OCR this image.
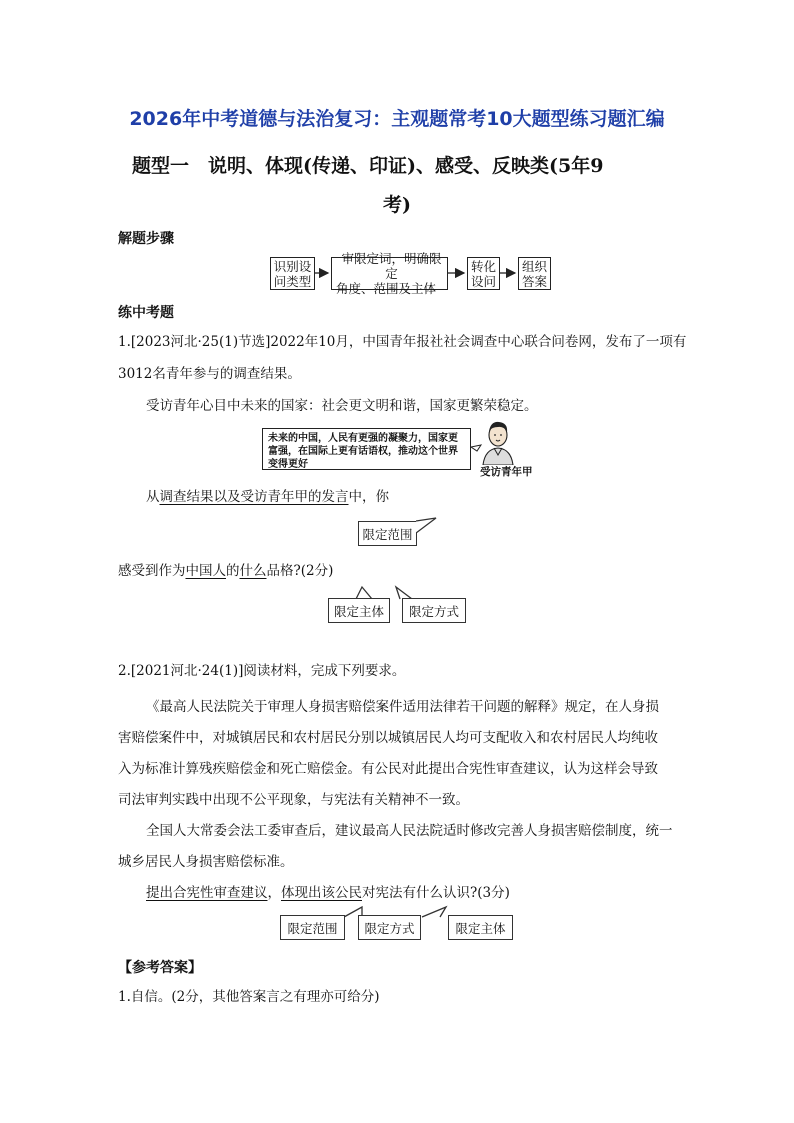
2026年中考道德与法治复习：主观题常考10大题型练习题汇编
题型一　说明、体现(传递、印证)、感受、反映类(5年9
考)
解题步骤
识别设
问类型
审限定词，明确限定
角度、范围及主体
转化
设问
组织
答案
练中考题
1.[2023河北·25(1)节选]2022年10月，中国青年报社社会调查中心联合问卷网，发布了一项有
3012名青年参与的调查结果。
受访青年心目中未来的国家：社会更文明和谐，国家更繁荣稳定。
未来的中国，人民有更强的凝聚力，国家更富强，在国际上更有话语权，推动这个世界变得更好
受访青年甲
从调查结果以及受访青年甲的发言中，你
限定范围
感受到作为中国人的什么品格?(2分)
限定主体	限定方式
2.[2021河北·24(1)]阅读材料，完成下列要求。
《最高人民法院关于审理人身损害赔偿案件适用法律若干问题的解释》规定，在人身损
害赔偿案件中，对城镇居民和农村居民分别以城镇居民人均可支配收入和农村居民人均纯收
入为标准计算残疾赔偿金和死亡赔偿金。有公民对此提出合宪性审查建议，认为这样会导致
司法审判实践中出现不公平现象，与宪法有关精神不一致。
全国人大常委会法工委审查后，建议最高人民法院适时修改完善人身损害赔偿制度，统一
城乡居民人身损害赔偿标准。
提出合宪性审查建议，体现出该公民对宪法有什么认识?(3分)
限定范围	限定方式	限定主体
【参考答案】
1.自信。(2分，其他答案言之有理亦可给分)
